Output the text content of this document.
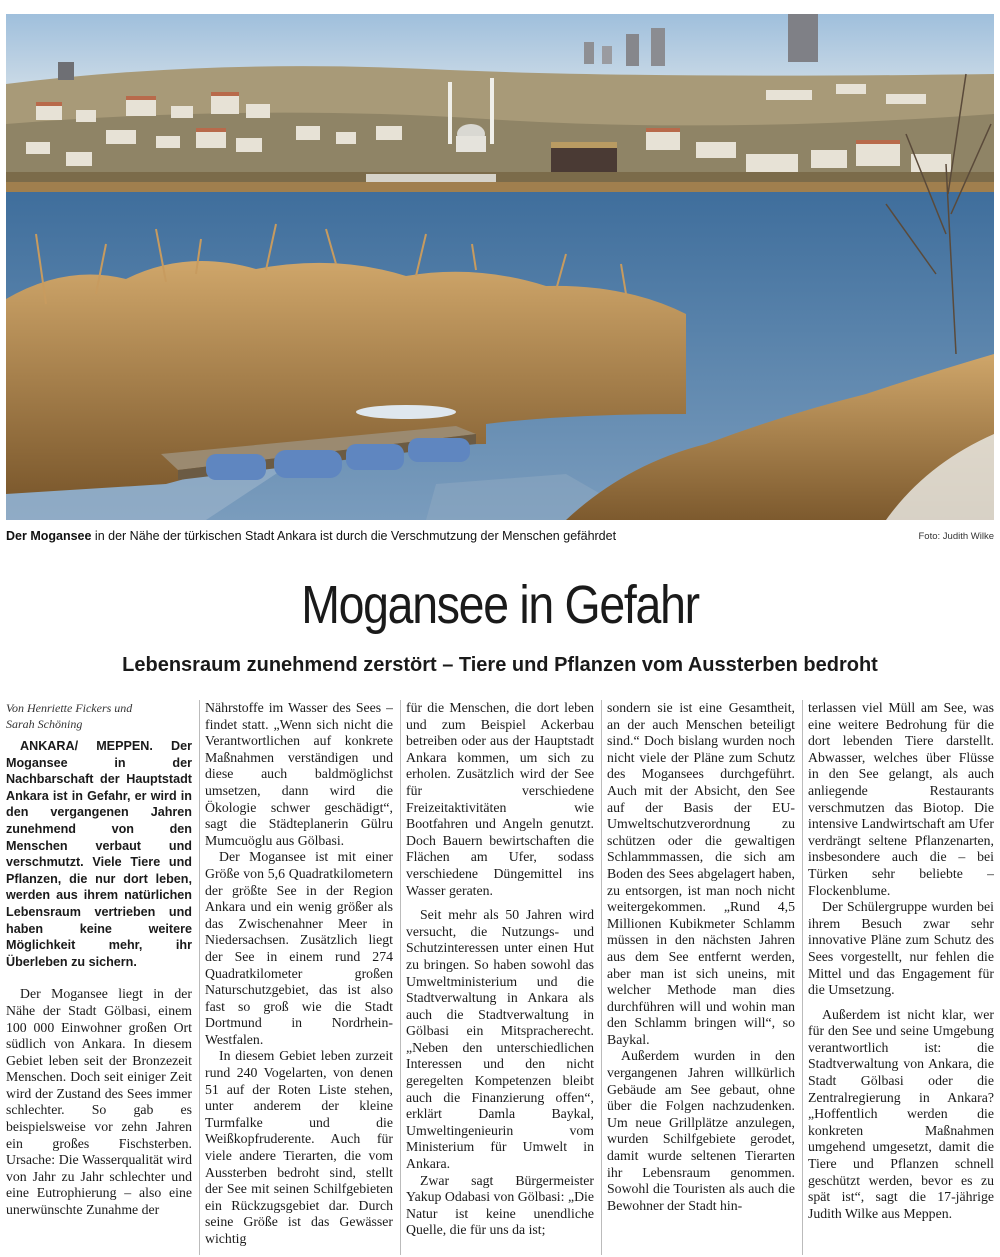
Der Mogansee in der Nähe der türkischen Stadt Ankara ist durch die Verschmutzung der Menschen gefährdet	Foto: Judith Wilke
Mogansee in Gefahr
Lebensraum zunehmend zerstört – Tiere und Pflanzen vom Aussterben bedroht
Von Henriette Fickers und
Sarah Schöning

ANKARA/ MEPPEN. Der Mogansee in der Nachbarschaft der Hauptstadt Ankara ist in Gefahr, er wird in den vergangenen Jahren zunehmend von den Menschen verbaut und verschmutzt. Viele Tiere und Pflanzen, die nur dort leben, werden aus ihrem natürlichen Lebensraum vertrieben und haben keine weitere Möglichkeit mehr, ihr Überleben zu sichern.

Der Mogansee liegt in der Nähe der Stadt Gölbasi, einem 100 000 Einwohner großen Ort südlich von Ankara. In diesem Gebiet leben seit der Bronzezeit Menschen. Doch seit einiger Zeit wird der Zustand des Sees immer schlechter. So gab es beispielsweise vor zehn Jahren ein großes Fischsterben. Ursache: Die Wasserqualität wird von Jahr zu Jahr schlechter und eine Eutrophierung – also eine unerwünschte Zunahme der

Nährstoffe im Wasser des Sees – findet statt. „Wenn sich nicht die Verantwortlichen auf konkrete Maßnahmen verständigen und diese auch baldmöglichst umsetzen, dann wird die Ökologie schwer geschädigt“, sagt die Städteplanerin Gülru Mumcuöglu aus Gölbasi.

Der Mogansee ist mit einer Größe von 5,6 Quadratkilometern der größte See in der Region Ankara und ein wenig größer als das Zwischenahner Meer in Niedersachsen. Zusätzlich liegt der See in einem rund 274 Quadratkilometer großen Naturschutzgebiet, das ist also fast so groß wie die Stadt Dortmund in Nordrhein-Westfalen.

In diesem Gebiet leben zurzeit rund 240 Vogelarten, von denen 51 auf der Roten Liste stehen, unter anderem der kleine Turmfalke und die Weißkopfruderente. Auch für viele andere Tierarten, die vom Aussterben bedroht sind, stellt der See mit seinen Schilfgebieten ein Rückzugsgebiet dar. Durch seine Größe ist das Gewässer wichtig

für die Menschen, die dort leben und zum Beispiel Ackerbau betreiben oder aus der Hauptstadt Ankara kommen, um sich zu erholen. Zusätzlich wird der See für verschiedene Freizeitaktivitäten wie Bootfahren und Angeln genutzt. Doch Bauern bewirtschaften die Flächen am Ufer, sodass verschiedene Düngemittel ins Wasser geraten.

Seit mehr als 50 Jahren wird versucht, die Nutzungs- und Schutzinteressen unter einen Hut zu bringen. So haben sowohl das Umweltministerium und die Stadtverwaltung in Ankara als auch die Stadtverwaltung in Gölbasi ein Mitspracherecht. „Neben den unterschiedlichen Interessen und den nicht geregelten Kompetenzen bleibt auch die Finanzierung offen“, erklärt Damla Baykal, Umweltingenieurin vom Ministerium für Umwelt in Ankara.

Zwar sagt Bürgermeister Yakup Odabasi von Gölbasi: „Die Natur ist keine unendliche Quelle, die für uns da ist;

sondern sie ist eine Gesamtheit, an der auch Menschen beteiligt sind.“ Doch bislang wurden noch nicht viele der Pläne zum Schutz des Mogansees durchgeführt. Auch mit der Absicht, den See auf der Basis der EU-Umweltschutzverordnung zu schützen oder die gewaltigen Schlammmassen, die sich am Boden des Sees abgelagert haben, zu entsorgen, ist man noch nicht weitergekommen. „Rund 4,5 Millionen Kubikmeter Schlamm müssen in den nächsten Jahren aus dem See entfernt werden, aber man ist sich uneins, mit welcher Methode man dies durchführen will und wohin man den Schlamm bringen will“, so Baykal.

Außerdem wurden in den vergangenen Jahren willkürlich Gebäude am See gebaut, ohne über die Folgen nachzudenken. Um neue Grillplätze anzulegen, wurden Schilfgebiete gerodet, damit wurde seltenen Tierarten ihr Lebensraum genommen. Sowohl die Touristen als auch die Bewohner der Stadt hin-

terlassen viel Müll am See, was eine weitere Bedrohung für die dort lebenden Tiere darstellt. Abwasser, welches über Flüsse in den See gelangt, als auch anliegende Restaurants verschmutzen das Biotop. Die intensive Landwirtschaft am Ufer verdrängt seltene Pflanzenarten, insbesondere auch die – bei Türken sehr beliebte – Flockenblume.

Der Schülergruppe wurden bei ihrem Besuch zwar sehr innovative Pläne zum Schutz des Sees vorgestellt, nur fehlen die Mittel und das Engagement für die Umsetzung.

Außerdem ist nicht klar, wer für den See und seine Umgebung verantwortlich ist: die Stadtverwaltung von Ankara, die Stadt Gölbasi oder die Zentralregierung in Ankara? „Hoffentlich werden die konkreten Maßnahmen umgehend umgesetzt, damit die Tiere und Pflanzen schnell geschützt werden, bevor es zu spät ist“, sagt die 17-jährige Judith Wilke aus Meppen.
